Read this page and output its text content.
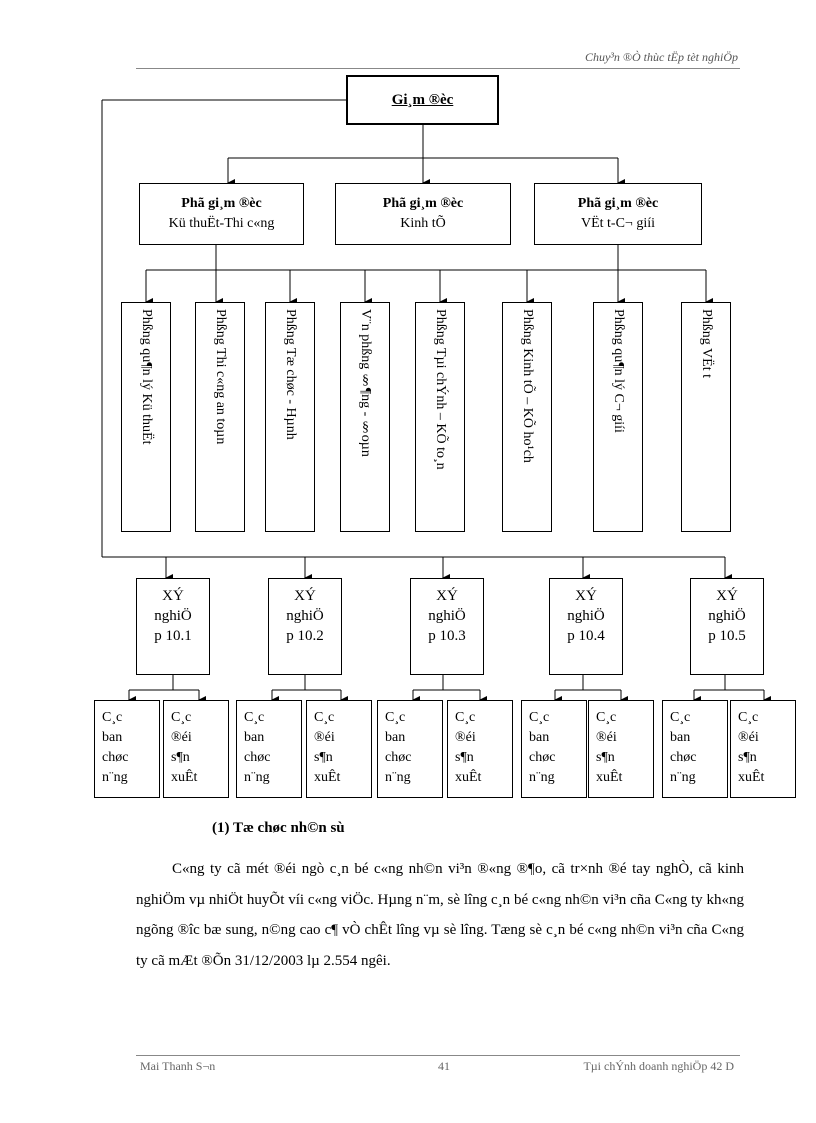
Chuy³n ®Ò thùc tËp tèt nghiÖp
Gi¸m ®èc
Phã gi¸m ®èc
Kü thuËt-Thi c«ng
Phã gi¸m ®èc
Kinh tÕ
Phã gi¸m ®èc
VËt t-C¬ giíi
Phßng qu¶n lý Kü thuËt	Phßng Thi c«ng an toµn	Phßng Tæ chøc - Hµnh	V¨n phßng §¶ng - §oµn	Phßng Tµi chÝnh – KÕ to¸n	Phßng Kinh tÕ – KÕ ho¹ch	Phßng qu¶n lý C¬ giíi	Phßng VËt t
XÝ
nghiÖ
p 10.1
XÝ
nghiÖ
p 10.2
XÝ
nghiÖ
p 10.3
XÝ
nghiÖ
p 10.4
XÝ
nghiÖ
p 10.5
C¸c
ban
chøc
n¨ng
C¸c
®éi
s¶n
xuÊt
C¸c
ban
chøc
n¨ng
C¸c
®éi
s¶n
xuÊt
C¸c
ban
chøc
n¨ng
C¸c
®éi
s¶n
xuÊt
C¸c
ban
chøc
n¨ng
C¸c
®éi
s¶n
xuÊt
C¸c
ban
chøc
n¨ng
C¸c
®éi
s¶n
xuÊt
(1) Tæ chøc nh©n sù
C«ng ty cã mét ®éi ngò c¸n bé c«ng nh©n vi³n ®«ng ®¶o, cã tr×nh ®é tay nghÒ, cã kinh nghiÖm vµ nhiÖt huyÕt víi c«ng viÖc. Hµng n¨m, sè lîng c¸n bé c«ng nh©n vi³n cña C«ng ty kh«ng ngõng ®îc bæ sung, n©ng cao c¶ vÒ chÊt lîng vµ sè lîng. Tæng sè c¸n bé c«ng nh©n vi³n cña C«ng ty cã mÆt ®Õn 31/12/2003 lµ 2.554 ngêi.
Mai Thanh S¬n	41	Tµi chÝnh doanh nghiÖp 42 D
